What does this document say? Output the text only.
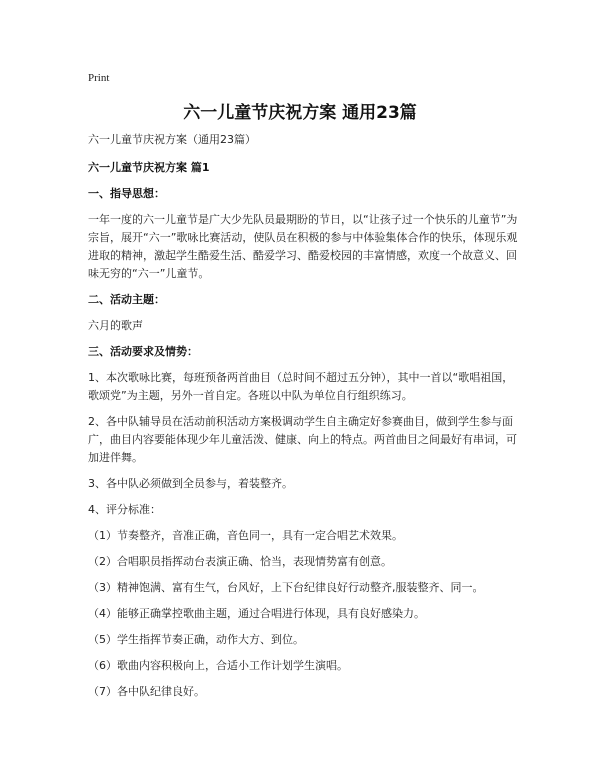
Print
六一儿童节庆祝方案 通用23篇

六一儿童节庆祝方案（通用23篇）

六一儿童节庆祝方案 篇1

一、指导思想：

一年一度的六一儿童节是广大少先队员最期盼的节日，以“让孩子过一个快乐的儿童节”为宗旨，展开“六一”歌咏比赛活动，使队员在积极的参与中体验集体合作的快乐，体现乐观进取的精神，激起学生酷爱生活、酷爱学习、酷爱校园的丰富情感，欢度一个故意义、回味无穷的“六一”儿童节。

二、活动主题：

六月的歌声

三、活动要求及情势：

1、本次歌咏比赛，每班预备两首曲目（总时间不超过五分钟），其中一首以“歌唱祖国，歌颂党”为主题，另外一首自定。各班以中队为单位自行组织练习。

2、各中队辅导员在活动前积活动方案极调动学生自主确定好参赛曲目，做到学生参与面广，曲目内容要能体现少年儿童活泼、健康、向上的特点。两首曲目之间最好有串词，可加进伴舞。

3、各中队必须做到全员参与，着装整齐。

4、评分标准：

（1）节奏整齐，音准正确，音色同一，具有一定合唱艺术效果。

（2）合唱职员指挥动台表演正确、恰当，表现情势富有创意。

（3）精神饱满、富有生气，台风好，上下台纪律良好行动整齐,服装整齐、同一。

（4）能够正确掌控歌曲主题，通过合唱进行体现，具有良好感染力。

（5）学生指挥节奏正确，动作大方、到位。

（6）歌曲内容积极向上，合适小工作计划学生演唱。

（7）各中队纪律良好。
